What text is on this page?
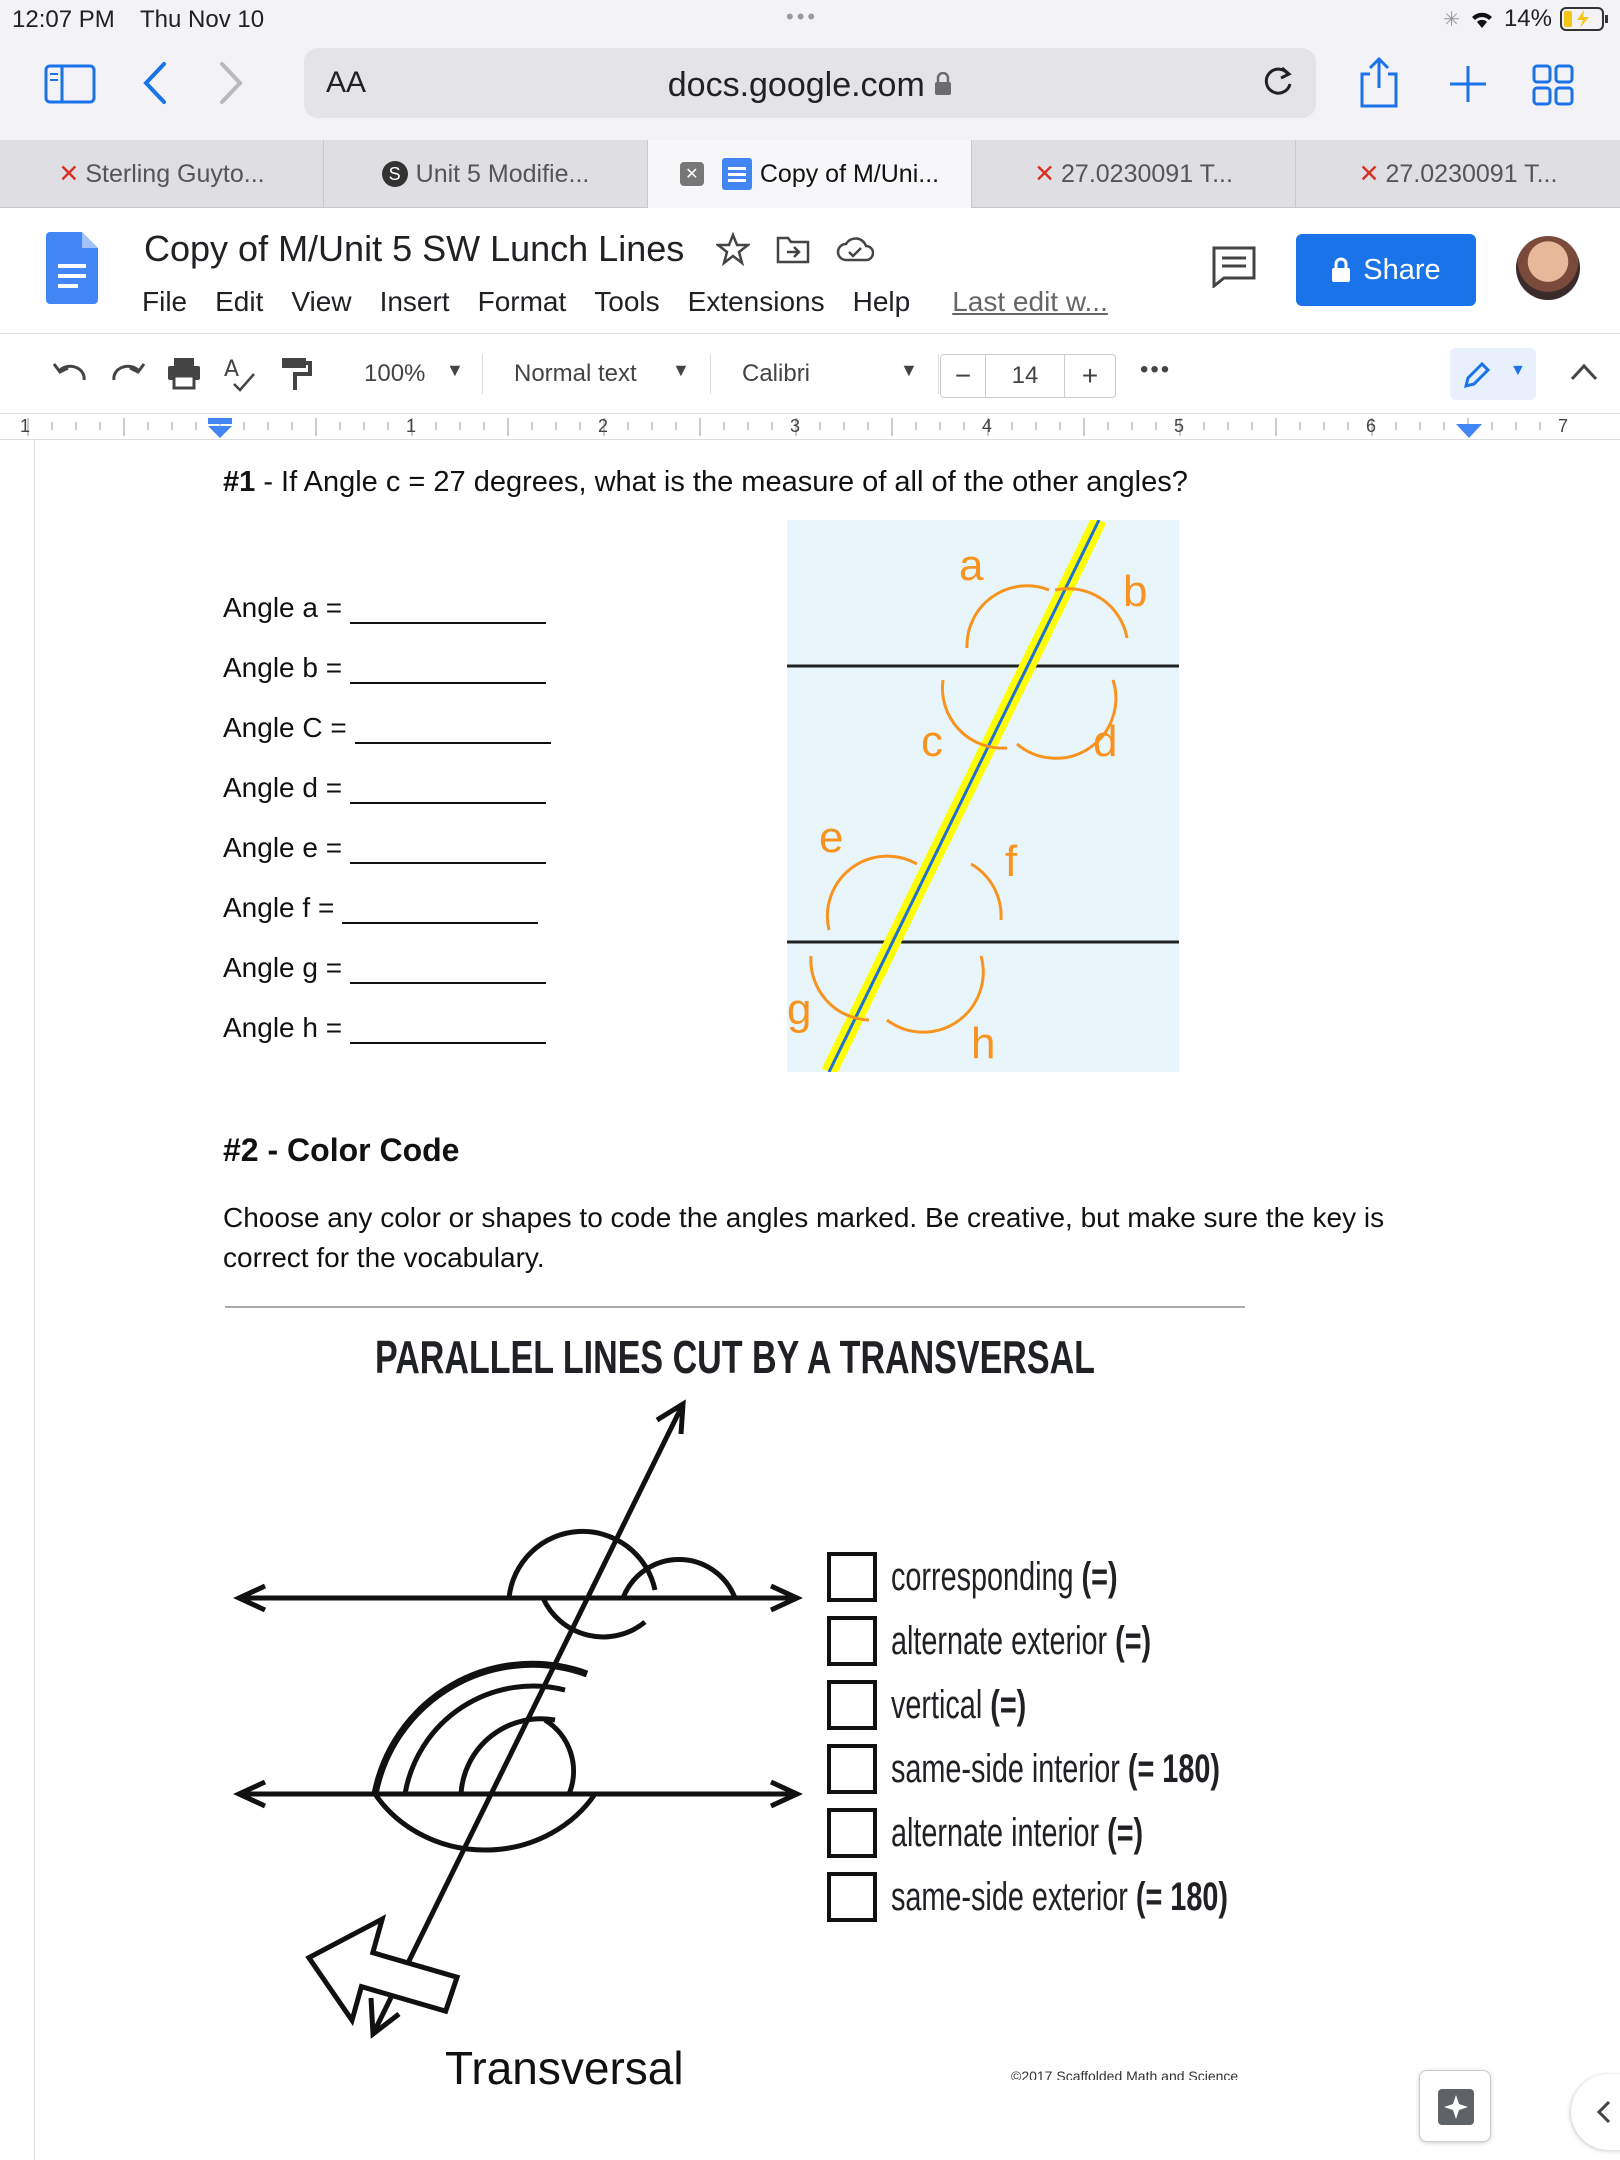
12:07 PM Thu Nov 10	•••	✳ 14%
AA	docs.google.com
✕ Sterling Guyto...	S Unit 5 Modifie...	✕ Copy of M/Uni...	✕ 27.0230091 T...	✕ 27.0230091 T...
Copy of M/Unit 5 SW Lunch Lines
File Edit View Insert Format Tools Extensions Help Last edit w...
Share
A	100% ▼ Normal text ▼ Calibri	▼	−	14	+	•••	▼
1	1	2	3	4	5	6	7
#1 - If Angle c = 27 degrees, what is the measure of all of the other angles?
Angle a =
Angle b =
Angle C =
Angle d =
Angle e =
Angle f =
Angle g =
Angle h =
a
b
c	d
e	f
g
h
#2 - Color Code
Choose any color or shapes to code the angles marked. Be creative, but make sure the key is
correct for the vocabulary.
PARALLEL LINES CUT BY A TRANSVERSAL
Transversal
corresponding (=)
alternate exterior (=)
vertical (=)
same-side interior (= 180)
alternate interior (=)
same-side exterior (= 180)
©2017 Scaffolded Math and Science
